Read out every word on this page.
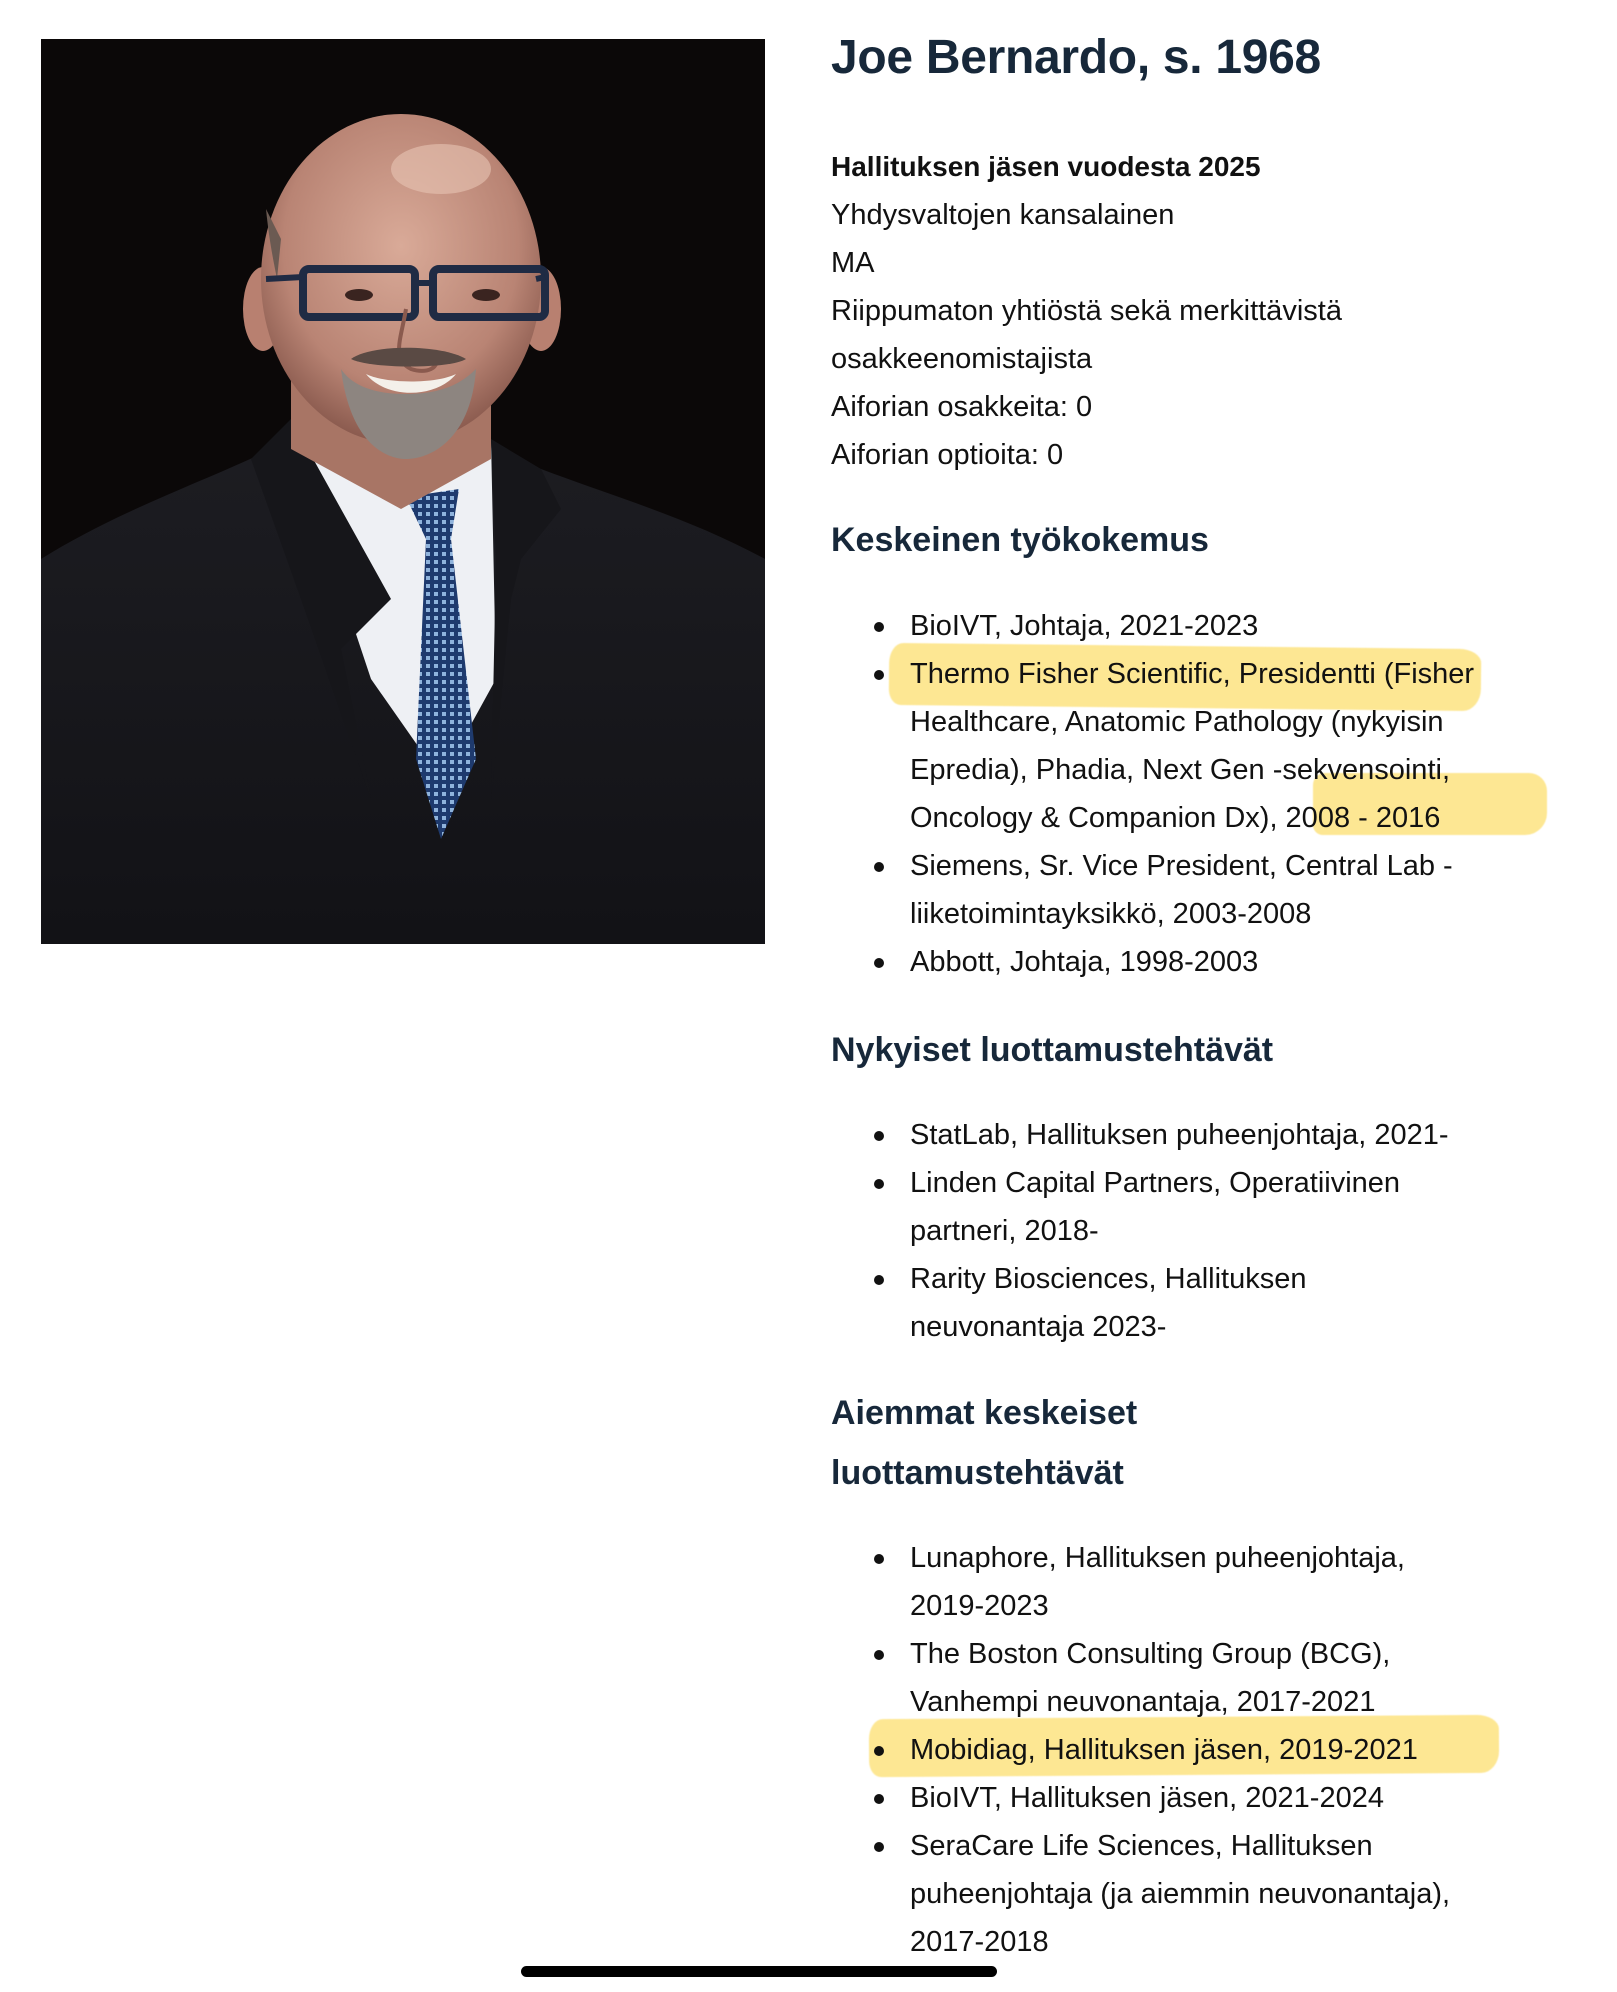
Joe Bernardo, s. 1968
Hallituksen jäsen vuodesta 2025
Yhdysvaltojen kansalainen
MA
Riippumaton yhtiöstä sekä merkittävistä
osakkeenomistajista
Aiforian osakkeita: 0
Aiforian optioita: 0
Keskeinen työkokemus
BioIVT, Johtaja, 2021-2023
Thermo Fisher Scientific, Presidentti (Fisher
Healthcare, Anatomic Pathology (nykyisin
Epredia), Phadia, Next Gen -sekvensointi,
Oncology & Companion Dx), 2008 - 2016
Siemens, Sr. Vice President, Central Lab -
liiketoimintayksikkö, 2003-2008
Abbott, Johtaja, 1998-2003
Nykyiset luottamustehtävät
StatLab, Hallituksen puheenjohtaja, 2021-
Linden Capital Partners, Operatiivinen
partneri, 2018-
Rarity Biosciences, Hallituksen
neuvonantaja 2023-
Aiemmat keskeiset
luottamustehtävät
Lunaphore, Hallituksen puheenjohtaja,
2019-2023
The Boston Consulting Group (BCG),
Vanhempi neuvonantaja, 2017-2021
Mobidiag, Hallituksen jäsen, 2019-2021
BioIVT, Hallituksen jäsen, 2021-2024
SeraCare Life Sciences, Hallituksen
puheenjohtaja (ja aiemmin neuvonantaja),
2017-2018
